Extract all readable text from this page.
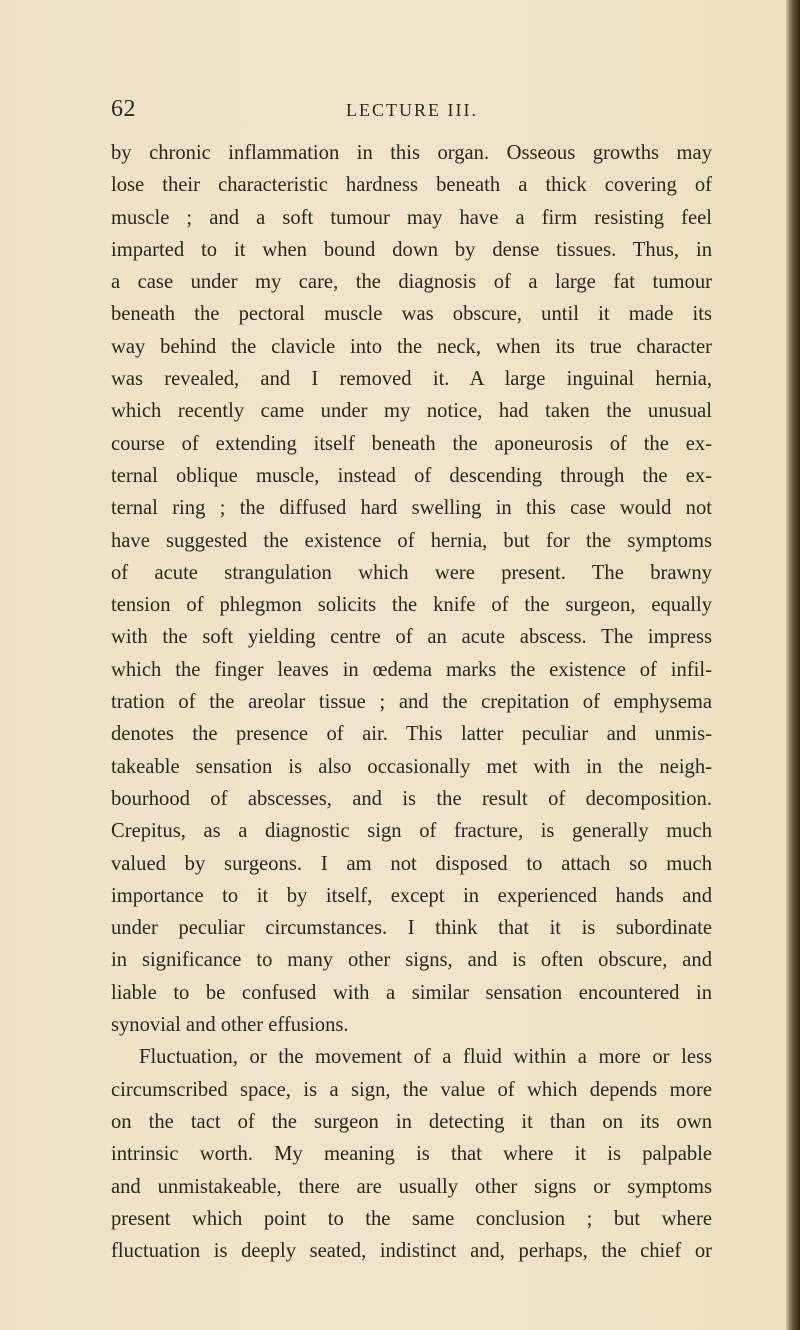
62	LECTURE III.
by chronic inflammation in this organ. Osseous growths may
lose their characteristic hardness beneath a thick covering of
muscle ; and a soft tumour may have a firm resisting feel
imparted to it when bound down by dense tissues. Thus, in
a case under my care, the diagnosis of a large fat tumour
beneath the pectoral muscle was obscure, until it made its
way behind the clavicle into the neck, when its true character
was revealed, and I removed it. A large inguinal hernia,
which recently came under my notice, had taken the unusual
course of extending itself beneath the aponeurosis of the ex-
ternal oblique muscle, instead of descending through the ex-
ternal ring ; the diffused hard swelling in this case would not
have suggested the existence of hernia, but for the symptoms
of acute strangulation which were present. The brawny
tension of phlegmon solicits the knife of the surgeon, equally
with the soft yielding centre of an acute abscess. The impress
which the finger leaves in œdema marks the existence of infil-
tration of the areolar tissue ; and the crepitation of emphysema
denotes the presence of air. This latter peculiar and unmis-
takeable sensation is also occasionally met with in the neigh-
bourhood of abscesses, and is the result of decomposition.
Crepitus, as a diagnostic sign of fracture, is generally much
valued by surgeons. I am not disposed to attach so much
importance to it by itself, except in experienced hands and
under peculiar circumstances. I think that it is subordinate
in significance to many other signs, and is often obscure, and
liable to be confused with a similar sensation encountered in
synovial and other effusions.
Fluctuation, or the movement of a fluid within a more or less
circumscribed space, is a sign, the value of which depends more
on the tact of the surgeon in detecting it than on its own
intrinsic worth. My meaning is that where it is palpable
and unmistakeable, there are usually other signs or symptoms
present which point to the same conclusion ; but where
fluctuation is deeply seated, indistinct and, perhaps, the chief or
